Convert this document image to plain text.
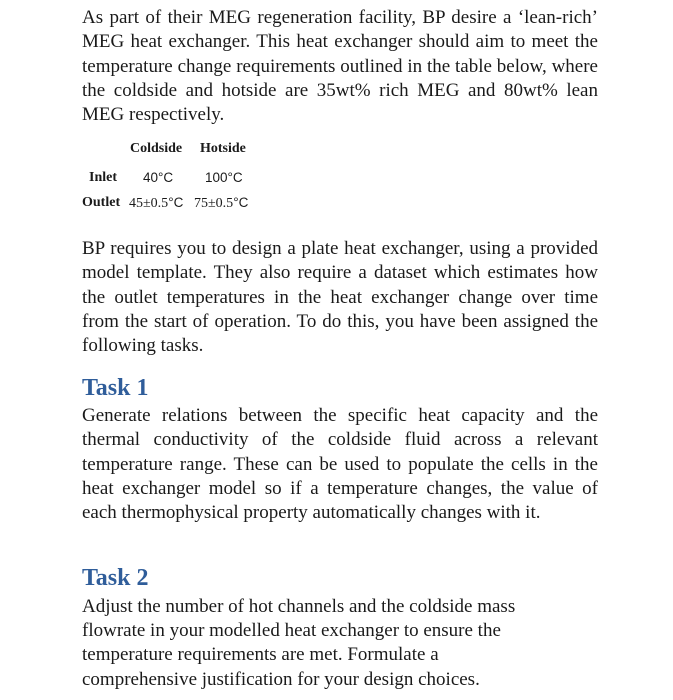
As part of their MEG regeneration facility, BP desire a ‘lean-rich’ MEG heat exchanger. This heat exchanger should aim to meet the temperature change requirements outlined in the table below, where the coldside and hotside are 35wt% rich MEG and 80wt% lean MEG respectively.

Coldside Hotside
Inlet 40°C 100°C
Outlet 45±0.5°C 75±0.5°C

BP requires you to design a plate heat exchanger, using a provided model template. They also require a dataset which estimates how the outlet temperatures in the heat exchanger change over time from the start of operation. To do this, you have been assigned the following tasks.

Task 1

Generate relations between the specific heat capacity and the thermal conductivity of the coldside fluid across a relevant temperature range. These can be used to populate the cells in the heat exchanger model so if a temperature changes, the value of each thermophysical property automatically changes with it.

Task 2

Adjust the number of hot channels and the coldside mass
flowrate in your modelled heat exchanger to ensure the
temperature requirements are met. Formulate a
comprehensive justification for your design choices.
